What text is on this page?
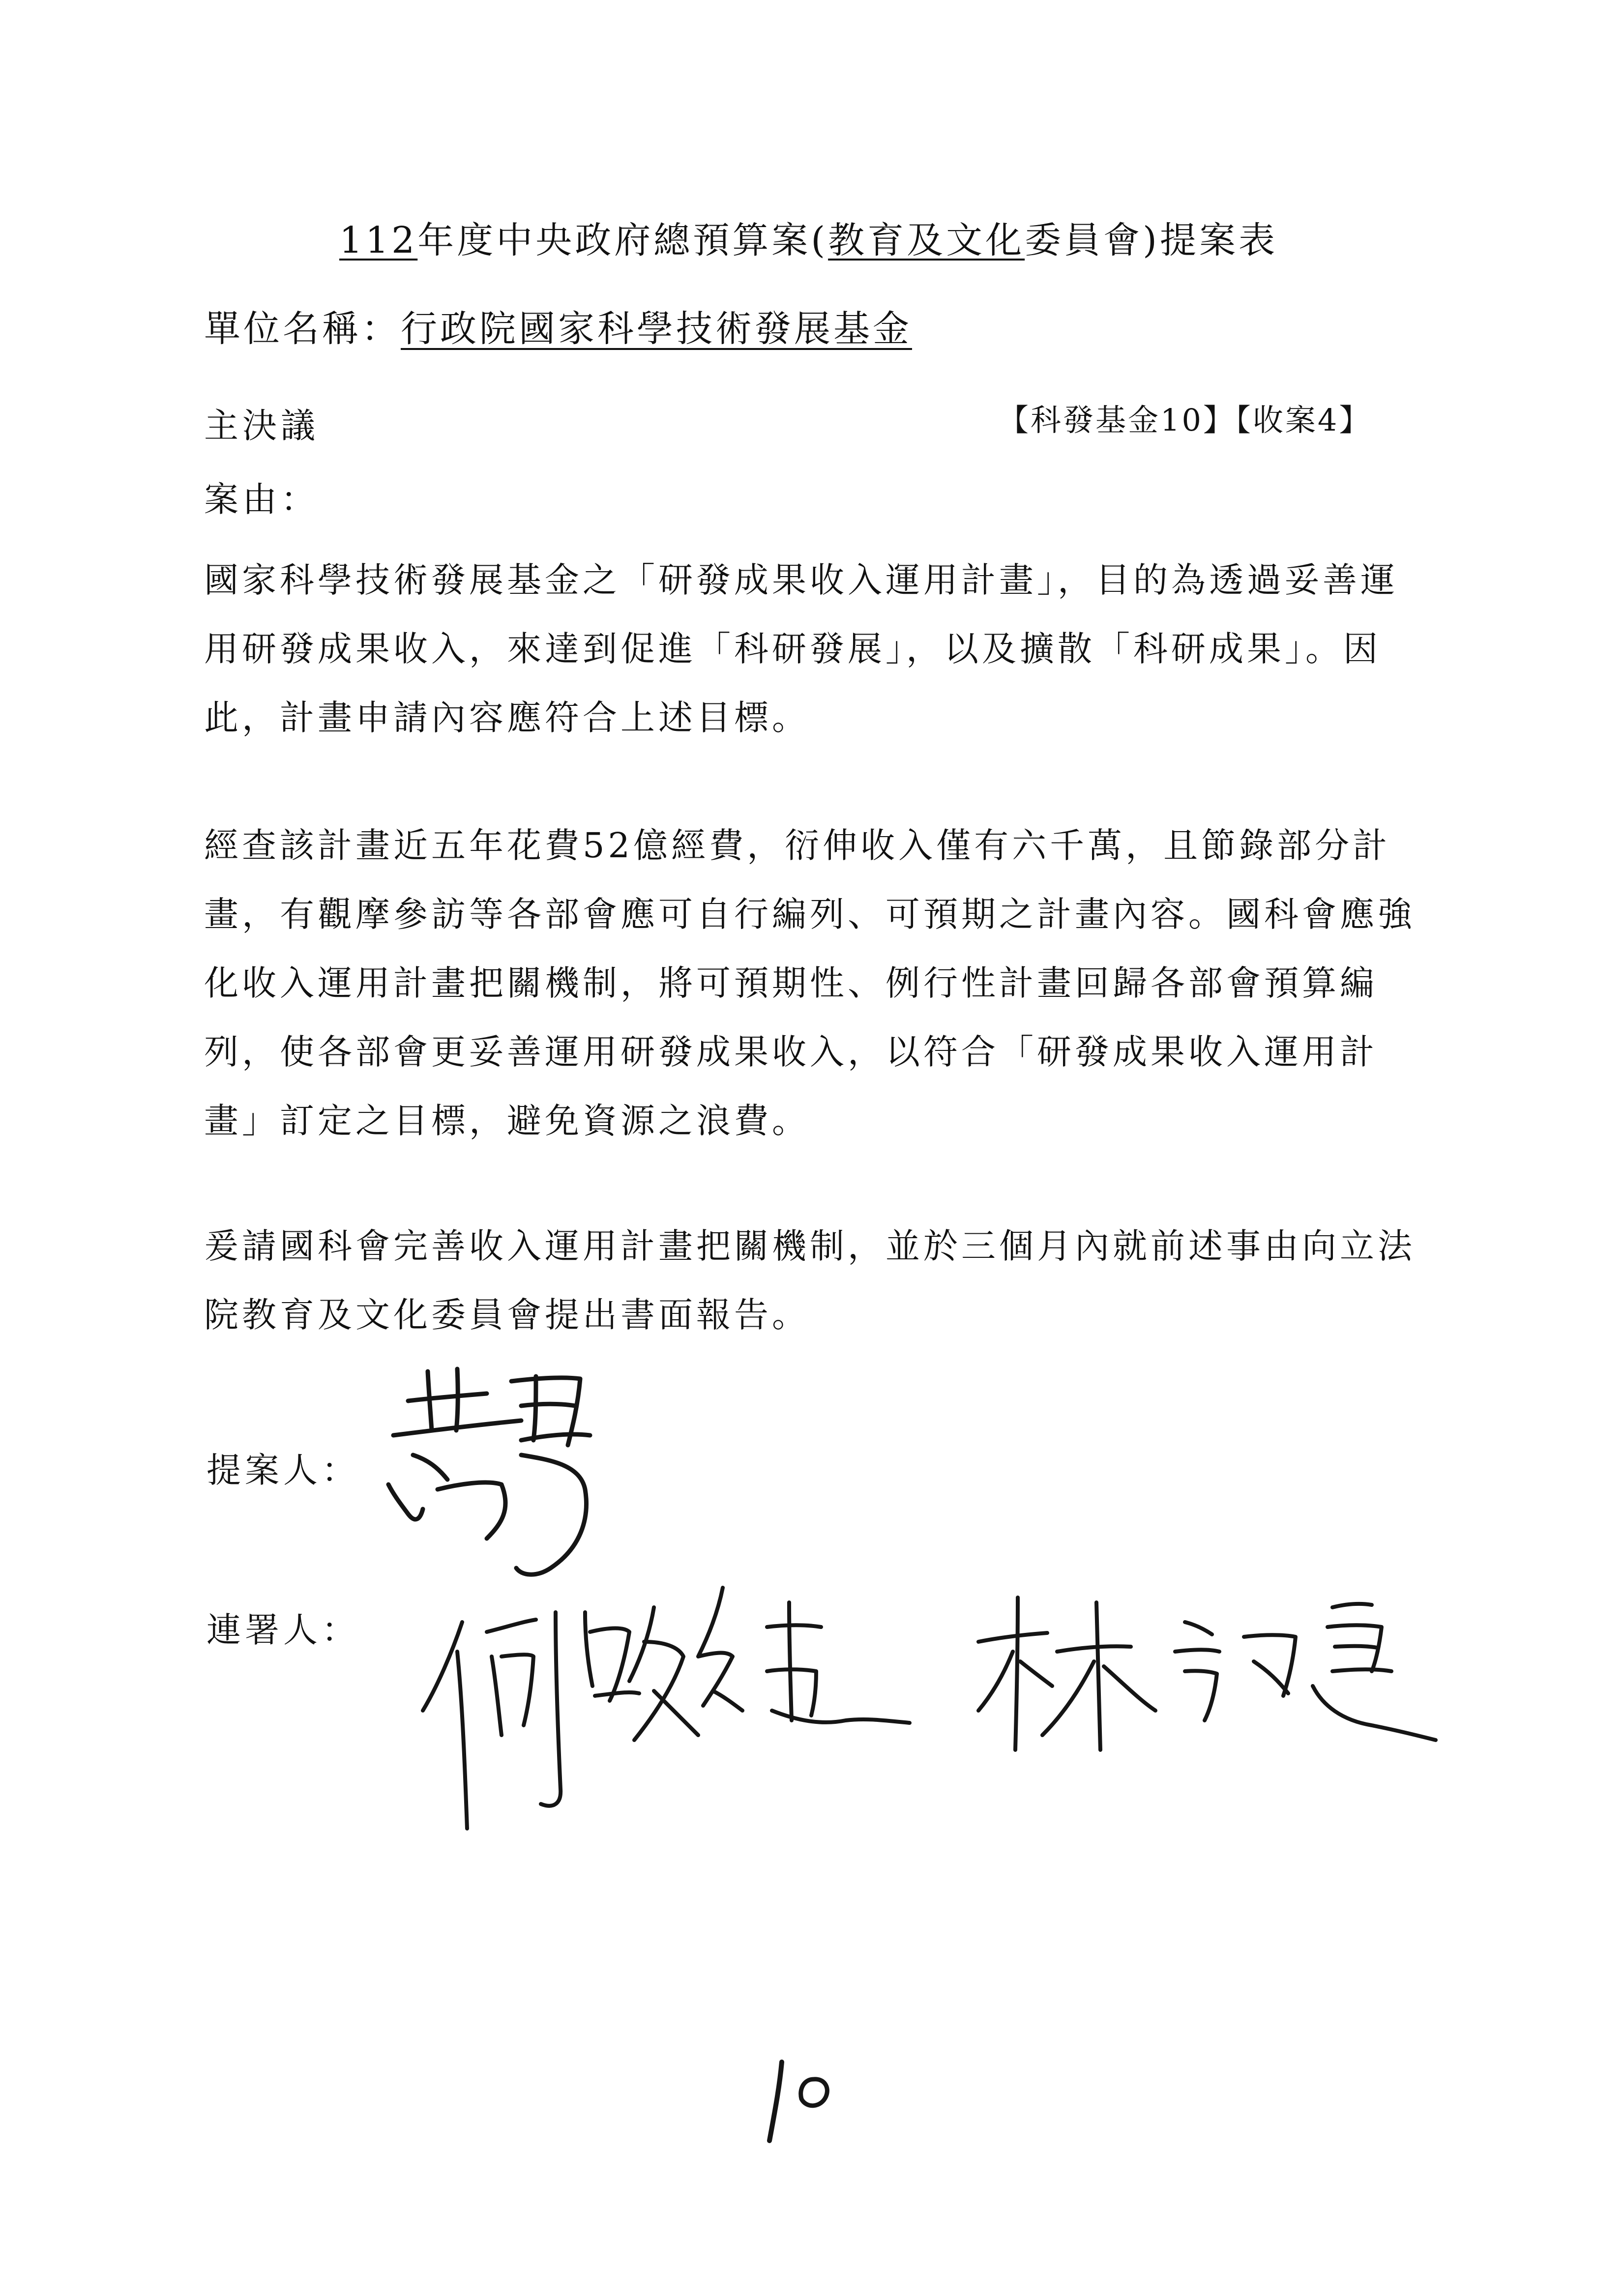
112年度中央政府總預算案(教育及文化委員會)提案表
單位名稱：行政院國家科學技術發展基金
主決議	【科發基金10】【收案4】
案由：
國家科學技術發展基金之「研發成果收入運用計畫」，目的為透過妥善運用研發成果收入，來達到促進「科研發展」，以及擴散「科研成果」。因此，計畫申請內容應符合上述目標。
經查該計畫近五年花費52億經費，衍伸收入僅有六千萬，且節錄部分計畫，有觀摩參訪等各部會應可自行編列、可預期之計畫內容。國科會應強化收入運用計畫把關機制，將可預期性、例行性計畫回歸各部會預算編列，使各部會更妥善運用研發成果收入，以符合「研發成果收入運用計畫」訂定之目標，避免資源之浪費。
爰請國科會完善收入運用計畫把關機制，並於三個月內就前述事由向立法院教育及文化委員會提出書面報告。
提案人：
連署人：
